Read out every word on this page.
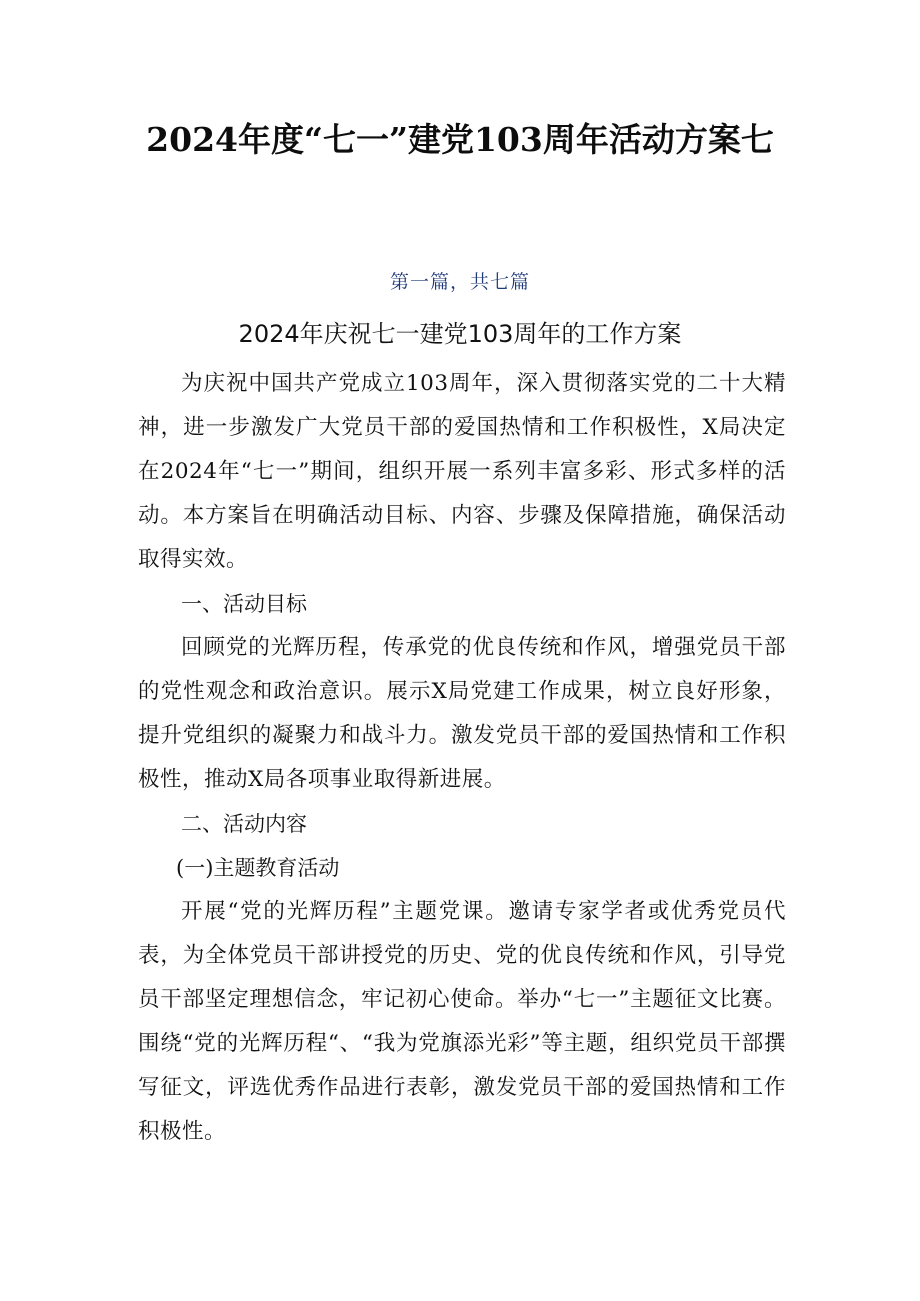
2024年度“七一”建党103周年活动方案七
第一篇，共七篇
2024年庆祝七一建党103周年的工作方案

为庆祝中国共产党成立103周年，深入贯彻落实党的二十大精神，进一步激发广大党员干部的爱国热情和工作积极性，X局决定在2024年“七一”期间，组织开展一系列丰富多彩、形式多样的活动。本方案旨在明确活动目标、内容、步骤及保障措施，确保活动取得实效。

一、活动目标

回顾党的光辉历程，传承党的优良传统和作风，增强党员干部的党性观念和政治意识。展示X局党建工作成果，树立良好形象，提升党组织的凝聚力和战斗力。激发党员干部的爱国热情和工作积极性，推动X局各项事业取得新进展。

二、活动内容

(一)主题教育活动

开展“党的光辉历程”主题党课。邀请专家学者或优秀党员代表，为全体党员干部讲授党的历史、党的优良传统和作风，引导党员干部坚定理想信念，牢记初心使命。举办“七一”主题征文比赛。围绕“党的光辉历程“、“我为党旗添光彩”等主题，组织党员干部撰写征文，评选优秀作品进行表彰，激发党员干部的爱国热情和工作积极性。
